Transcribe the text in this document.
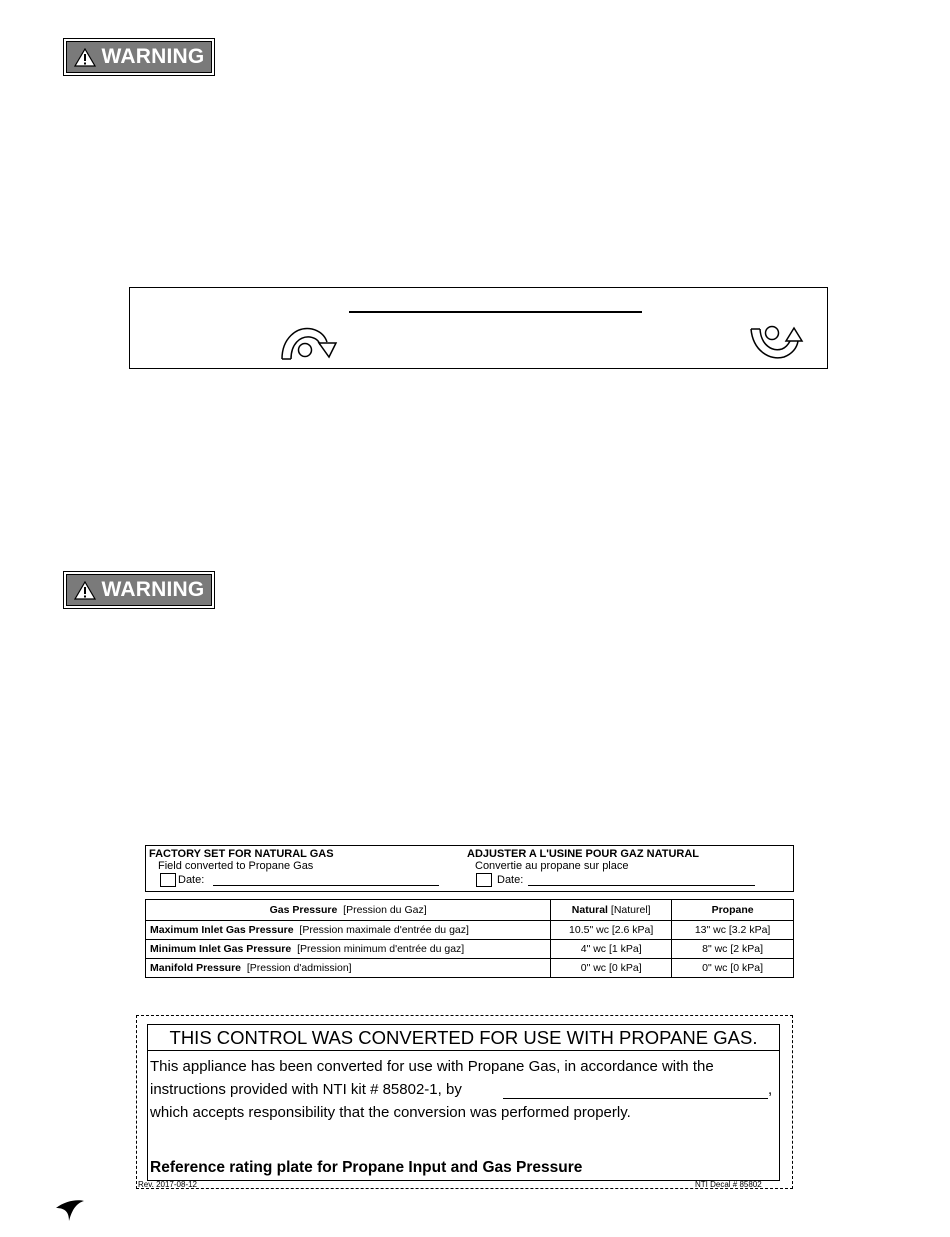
WARNING
WARNING
FACTORY SET FOR NATURAL GAS
Field converted to Propane Gas
Date:
ADJUSTER A L'USINE POUR GAZ NATURAL
Convertie au propane sur place
Date:
Gas Pressure [Pression du Gaz]	Natural [Naturel]	Propane
Maximum Inlet Gas Pressure [Pression maximale d'entrée du gaz]	10.5" wc [2.6 kPa]	13" wc [3.2 kPa]
Minimum Inlet Gas Pressure [Pression minimum d'entrée du gaz]	4" wc [1 kPa]	8" wc [2 kPa]
Manifold Pressure [Pression d'admission]	0" wc [0 kPa]	0" wc [0 kPa]
THIS CONTROL WAS CONVERTED FOR USE WITH PROPANE GAS.
This appliance has been converted for use with Propane Gas, in accordance with the
instructions provided with NTI kit # 85802-1, by	,
which accepts responsibility that the conversion was performed properly.
Reference rating plate for Propane Input and Gas Pressure
Rev. 2017-08-12	NTI Decal # 85802
